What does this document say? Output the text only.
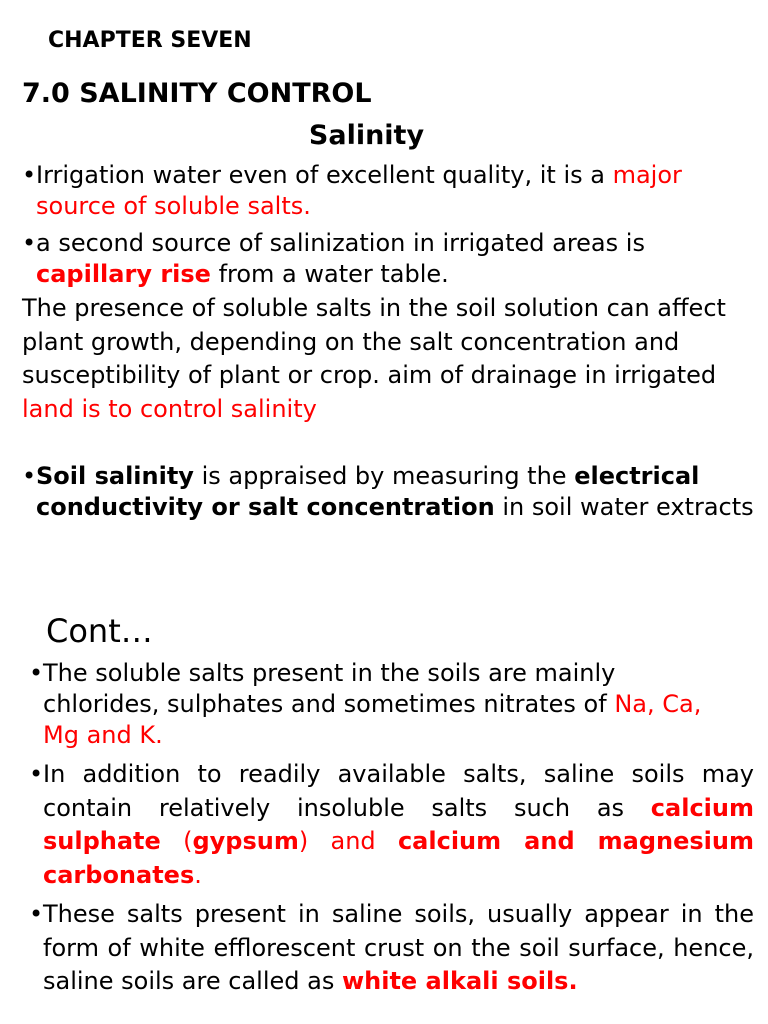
CHAPTER SEVEN
7.0 SALINITY CONTROL
Salinity
• Irrigation water even of excellent quality, it is a major source of soluble salts.
• a second source of salinization in irrigated areas is capillary rise from a water table.
The presence of soluble salts in the soil solution can affect plant growth, depending on the salt concentration and susceptibility of plant or crop. aim of drainage in irrigated land is to control salinity
• Soil salinity is appraised by measuring the electrical conductivity or salt concentration in soil water extracts
Cont…
• The soluble salts present in the soils are mainly chlorides, sulphates and sometimes nitrates of Na, Ca, Mg and K.
• In addition to readily available salts, saline soils may contain relatively insoluble salts such as calcium sulphate (gypsum) and calcium and magnesium carbonates.
• These salts present in saline soils, usually appear in the form of white efflorescent crust on the soil surface, hence, saline soils are called as white alkali soils.
